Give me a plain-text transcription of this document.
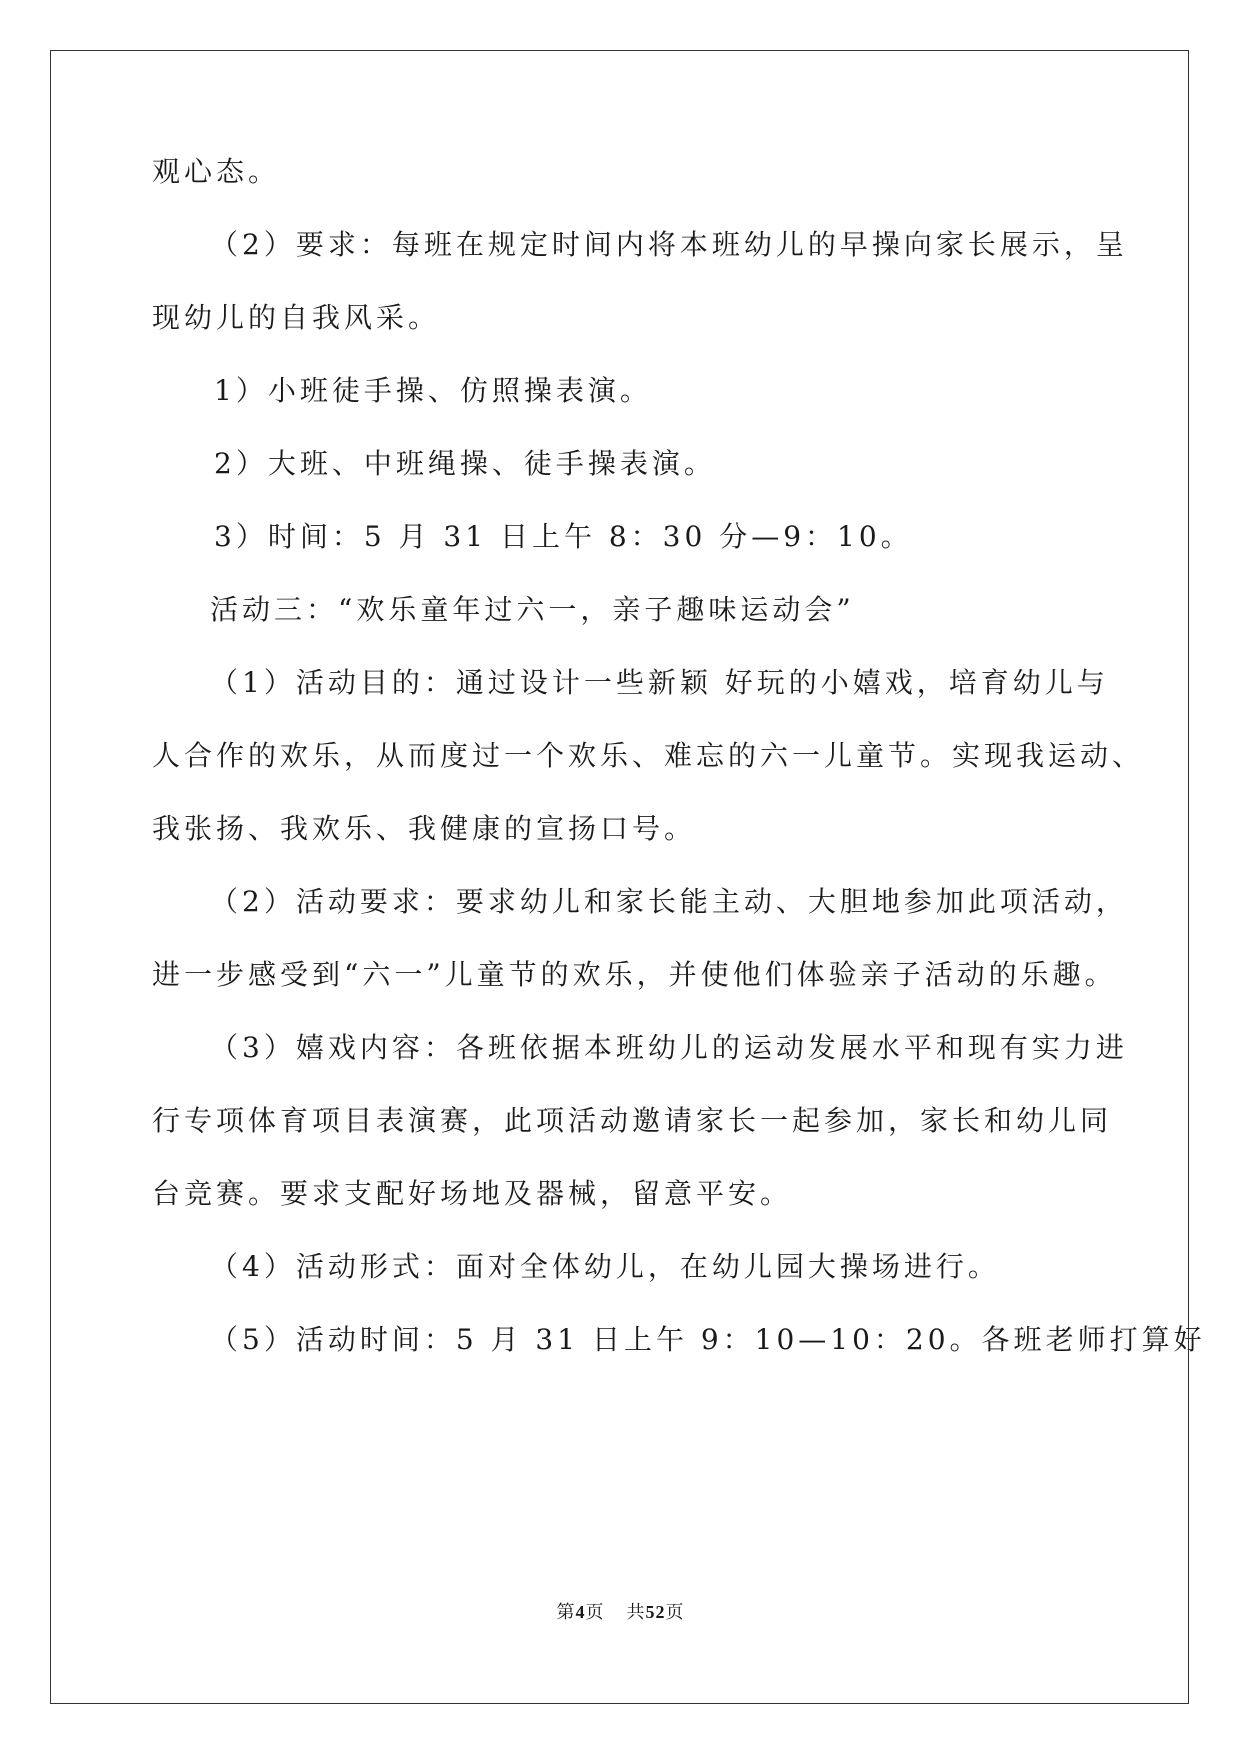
观心态。
（2）要求：每班在规定时间内将本班幼儿的早操向家长展示，呈
现幼儿的自我风采。
1）小班徒手操、仿照操表演。
2）大班、中班绳操、徒手操表演。
3）时间：5 月 31 日上午 8：30 分—9：10。
活动三：“欢乐童年过六一，亲子趣味运动会”
（1）活动目的：通过设计一些新颖 好玩的小嬉戏，培育幼儿与
人合作的欢乐，从而度过一个欢乐、难忘的六一儿童节。实现我运动、
我张扬、我欢乐、我健康的宣扬口号。
（2）活动要求：要求幼儿和家长能主动、大胆地参加此项活动，
进一步感受到“六一”儿童节的欢乐，并使他们体验亲子活动的乐趣。
（3）嬉戏内容：各班依据本班幼儿的运动发展水平和现有实力进
行专项体育项目表演赛，此项活动邀请家长一起参加，家长和幼儿同
台竞赛。要求支配好场地及器械，留意平安。
（4）活动形式：面对全体幼儿，在幼儿园大操场进行。
（5）活动时间：5 月 31 日上午 9：10—10：20。各班老师打算好
第4页 共52页
